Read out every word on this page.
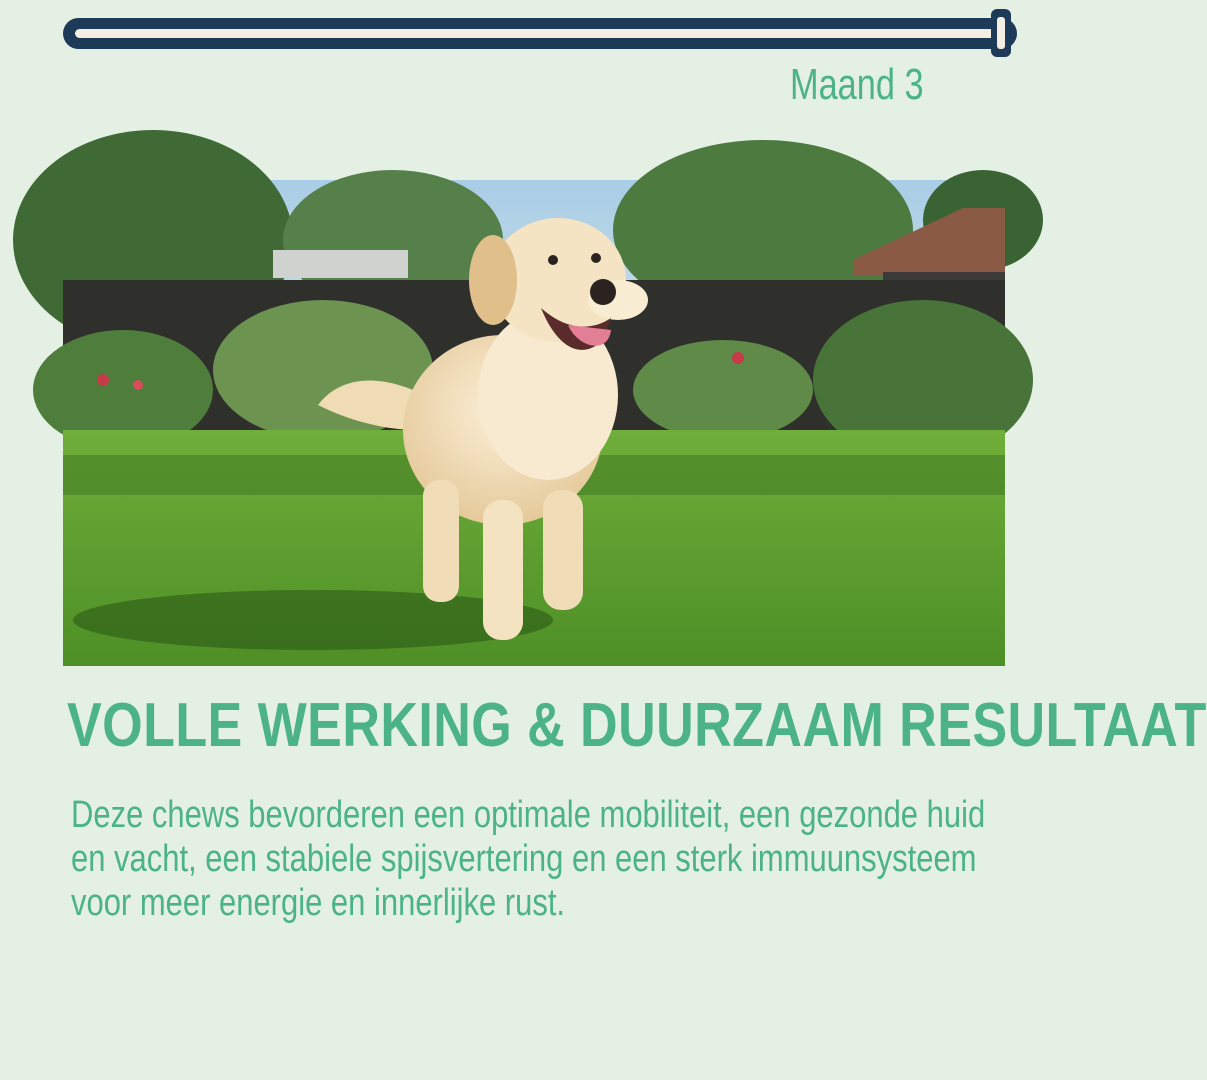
Maand 3
VOLLE WERKING & DUURZAAM RESULTAAT
Deze chews bevorderen een optimale mobiliteit, een gezonde huid en vacht, een stabiele spijsvertering en een sterk immuunsysteem voor meer energie en innerlijke rust.
